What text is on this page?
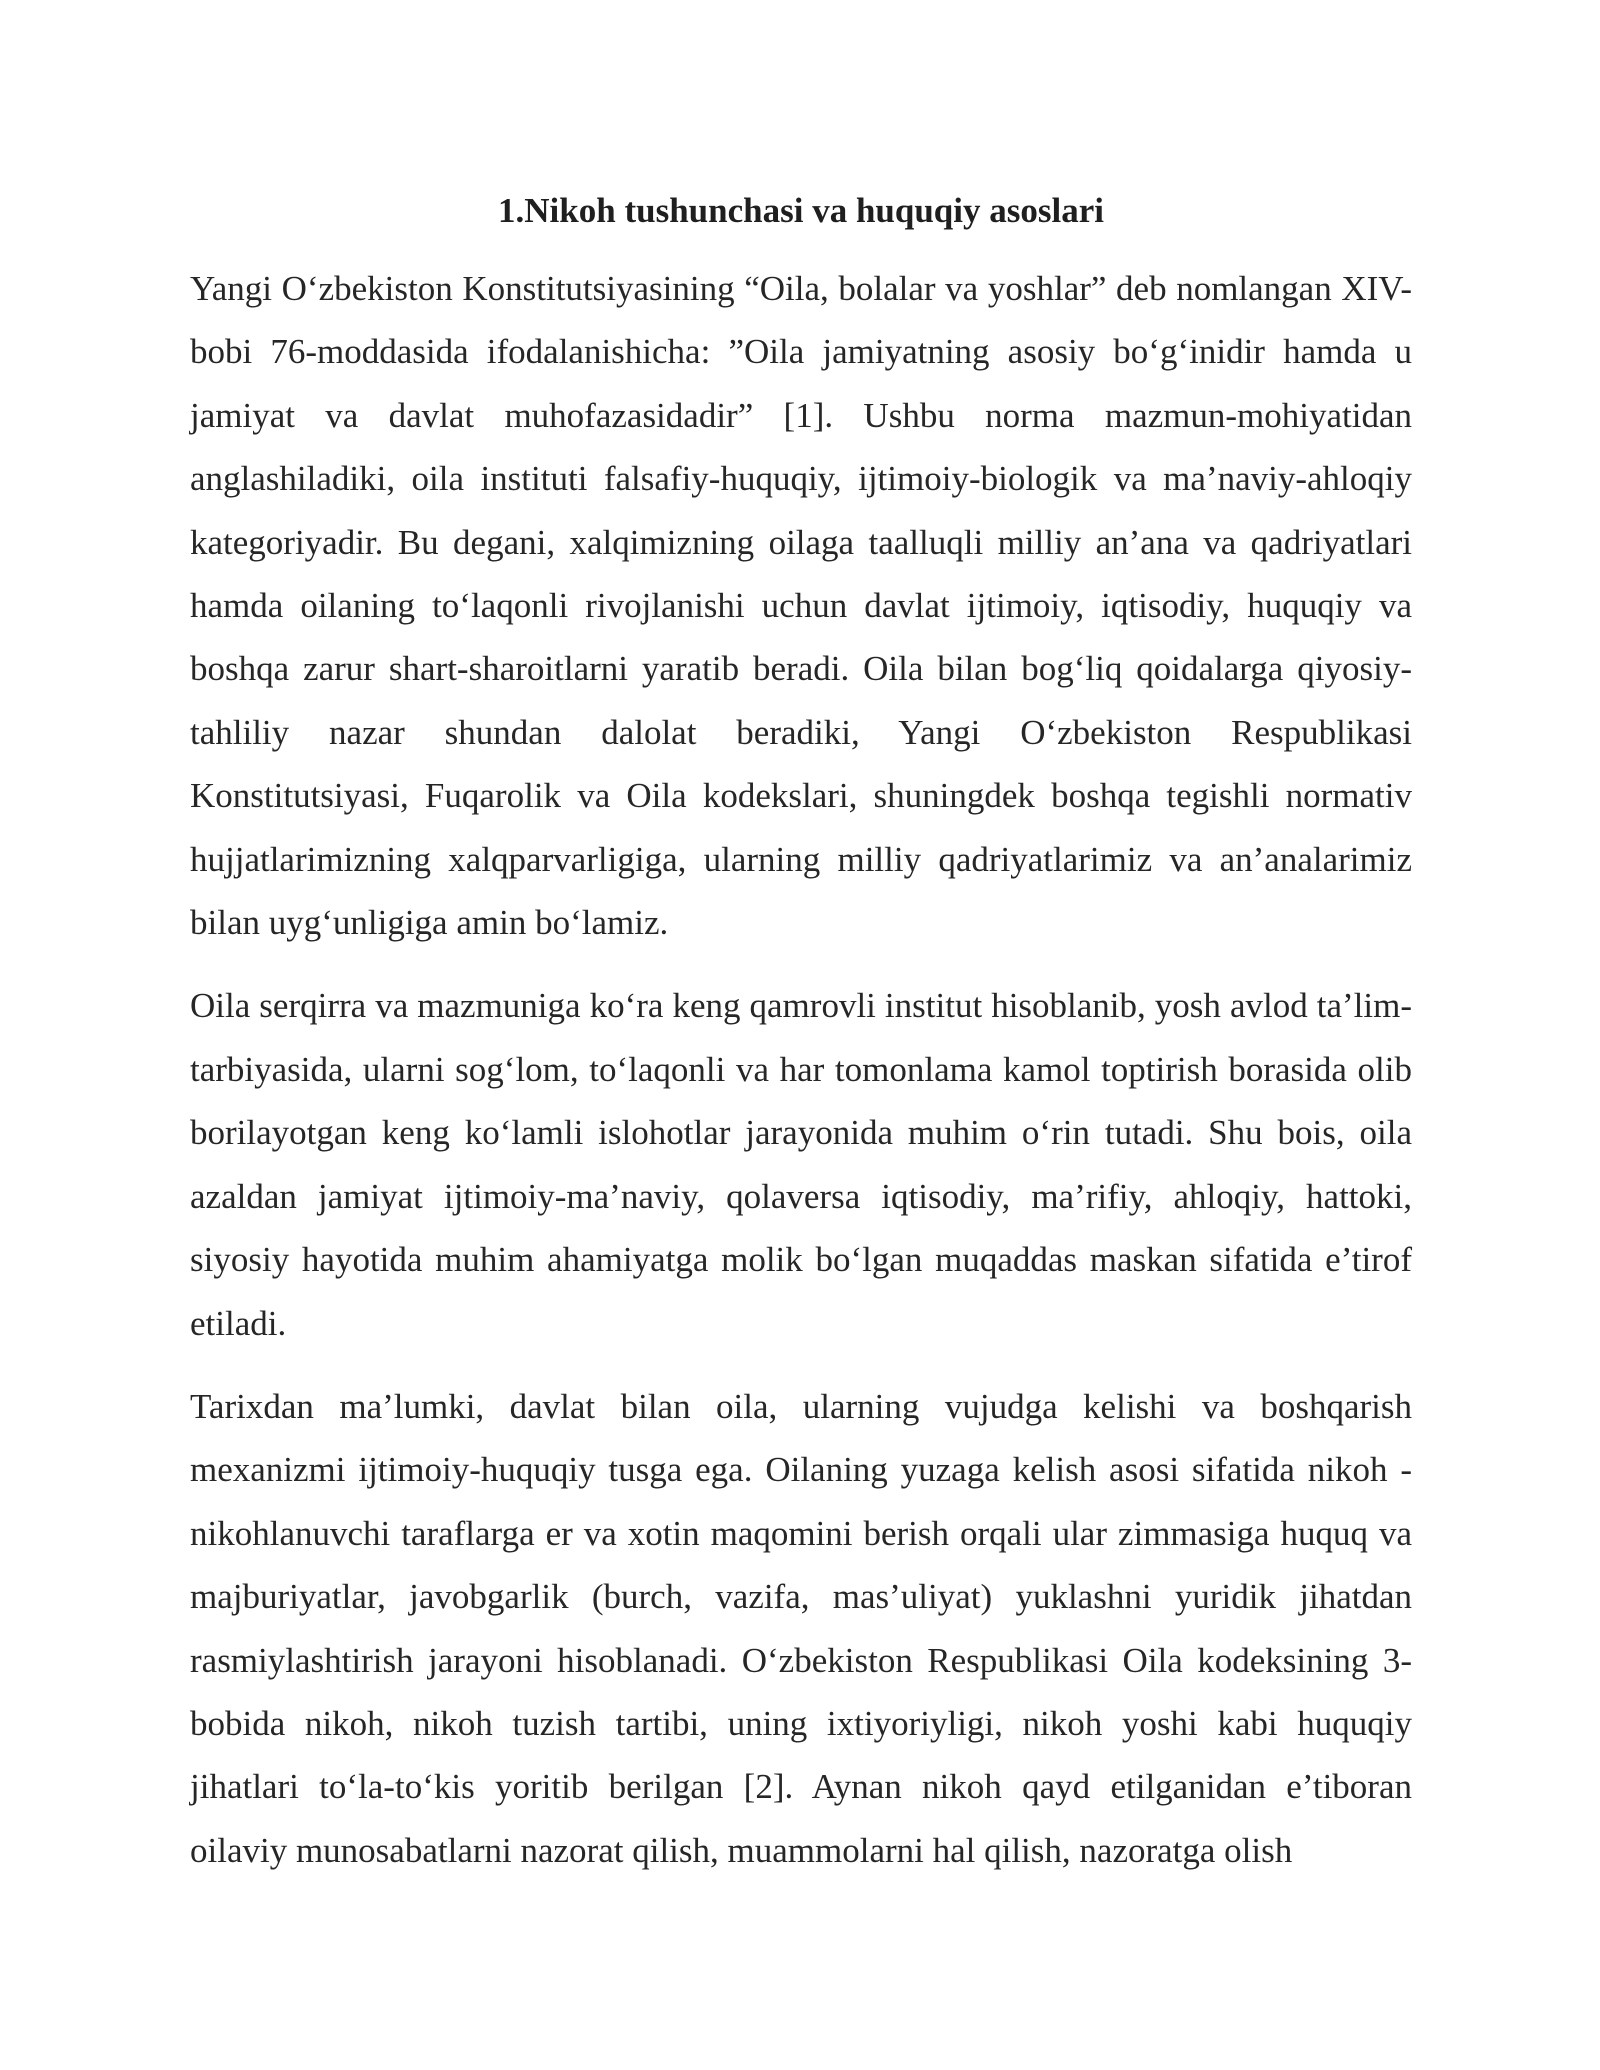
1.Nikoh tushunchasi va huquqiy asoslari

Yangi O‘zbekiston Konstitutsiyasining “Oila, bolalar va yoshlar” deb nomlangan XIV-bobi 76-moddasida ifodalanishicha: ”Oila jamiyatning asosiy bo‘g‘inidir hamda u jamiyat va davlat muhofazasidadir” [1]. Ushbu norma mazmun-mohiyatidan anglashiladiki, oila instituti falsafiy-huquqiy, ijtimoiy-biologik va ma’naviy-ahloqiy kategoriyadir. Bu degani, xalqimizning oilaga taalluqli milliy an’ana va qadriyatlari hamda oilaning to‘laqonli rivojlanishi uchun davlat ijtimoiy, iqtisodiy, huquqiy va boshqa zarur shart-sharoitlarni yaratib beradi. Oila bilan bog‘liq qoidalarga qiyosiy-tahliliy nazar shundan dalolat beradiki, Yangi O‘zbekiston Respublikasi Konstitutsiyasi, Fuqarolik va Oila kodekslari, shuningdek boshqa tegishli normativ hujjatlarimizning xalqparvarligiga, ularning milliy qadriyatlarimiz va an’analarimiz bilan uyg‘unligiga amin bo‘lamiz.

Oila serqirra va mazmuniga ko‘ra keng qamrovli institut hisoblanib, yosh avlod ta’lim-tarbiyasida, ularni sog‘lom, to‘laqonli va har tomonlama kamol toptirish borasida olib borilayotgan keng ko‘lamli islohotlar jarayonida muhim o‘rin tutadi. Shu bois, oila azaldan jamiyat ijtimoiy-ma’naviy, qolaversa iqtisodiy, ma’rifiy, ahloqiy, hattoki, siyosiy hayotida muhim ahamiyatga molik bo‘lgan muqaddas maskan sifatida e’tirof etiladi.

Tarixdan ma’lumki, davlat bilan oila, ularning vujudga kelishi va boshqarish mexanizmi ijtimoiy-huquqiy tusga ega. Oilaning yuzaga kelish asosi sifatida nikoh - nikohlanuvchi taraflarga er va xotin maqomini berish orqali ular zimmasiga huquq va majburiyatlar, javobgarlik (burch, vazifa, mas’uliyat) yuklashni yuridik jihatdan rasmiylashtirish jarayoni hisoblanadi. O‘zbekiston Respublikasi Oila kodeksining 3-bobida nikoh, nikoh tuzish tartibi, uning ixtiyoriyligi, nikoh yoshi kabi huquqiy jihatlari to‘la-to‘kis yoritib berilgan [2]. Aynan nikoh qayd etilganidan e’tiboran oilaviy munosabatlarni nazorat qilish, muammolarni hal qilish, nazoratga olish
